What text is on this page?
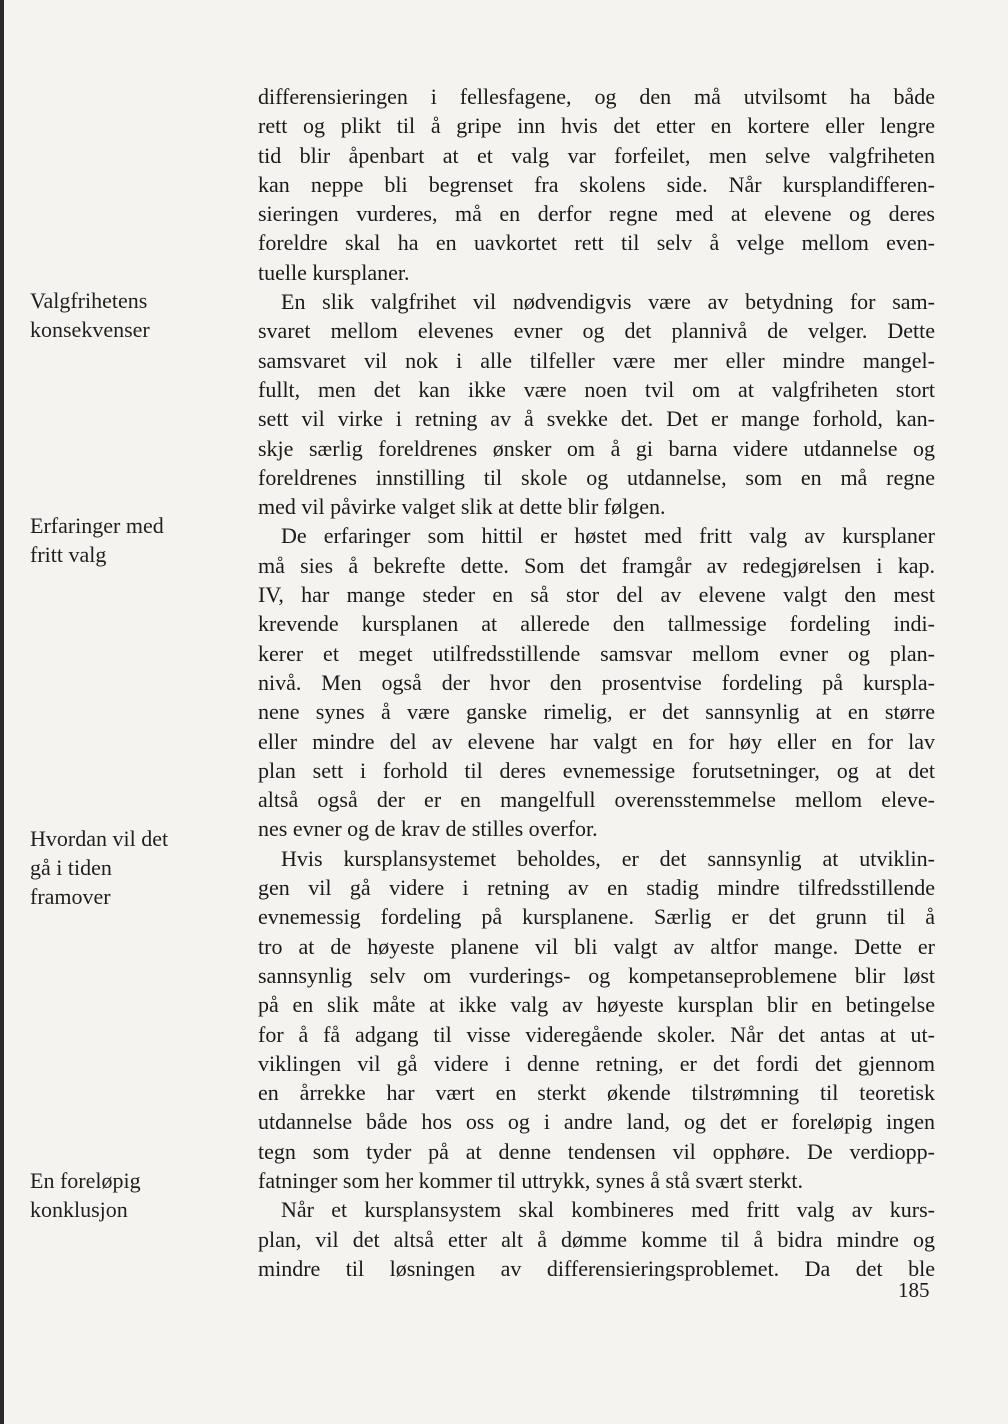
Valgfrihetens
konsekvenser
Erfaringer med
fritt valg
Hvordan vil det
gå i tiden
framover
En foreløpig
konklusjon

differensieringen i fellesfagene, og den må utvilsomt ha både
rett og plikt til å gripe inn hvis det etter en kortere eller lengre
tid blir åpenbart at et valg var forfeilet, men selve valgfriheten
kan neppe bli begrenset fra skolens side. Når kursplandifferen-
sieringen vurderes, må en derfor regne med at elevene og deres
foreldre skal ha en uavkortet rett til selv å velge mellom even-
tuelle kursplaner.

En slik valgfrihet vil nødvendigvis være av betydning for sam-
svaret mellom elevenes evner og det plannivå de velger. Dette
samsvaret vil nok i alle tilfeller være mer eller mindre mangel-
fullt, men det kan ikke være noen tvil om at valgfriheten stort
sett vil virke i retning av å svekke det. Det er mange forhold, kan-
skje særlig foreldrenes ønsker om å gi barna videre utdannelse og
foreldrenes innstilling til skole og utdannelse, som en må regne
med vil påvirke valget slik at dette blir følgen.

De erfaringer som hittil er høstet med fritt valg av kursplaner
må sies å bekrefte dette. Som det framgår av redegjørelsen i kap.
IV, har mange steder en så stor del av elevene valgt den mest
krevende kursplanen at allerede den tallmessige fordeling indi-
kerer et meget utilfredsstillende samsvar mellom evner og plan-
nivå. Men også der hvor den prosentvise fordeling på kurspla-
nene synes å være ganske rimelig, er det sannsynlig at en større
eller mindre del av elevene har valgt en for høy eller en for lav
plan sett i forhold til deres evnemessige forutsetninger, og at det
altså også der er en mangelfull overensstemmelse mellom eleve-
nes evner og de krav de stilles overfor.

Hvis kursplansystemet beholdes, er det sannsynlig at utviklin-
gen vil gå videre i retning av en stadig mindre tilfredsstillende
evnemessig fordeling på kursplanene. Særlig er det grunn til å
tro at de høyeste planene vil bli valgt av altfor mange. Dette er
sannsynlig selv om vurderings- og kompetanseproblemene blir løst
på en slik måte at ikke valg av høyeste kursplan blir en betingelse
for å få adgang til visse videregående skoler. Når det antas at ut-
viklingen vil gå videre i denne retning, er det fordi det gjennom
en årrekke har vært en sterkt økende tilstrømning til teoretisk
utdannelse både hos oss og i andre land, og det er foreløpig ingen
tegn som tyder på at denne tendensen vil opphøre. De verdiopp-
fatninger som her kommer til uttrykk, synes å stå svært sterkt.

Når et kursplansystem skal kombineres med fritt valg av kurs-
plan, vil det altså etter alt å dømme komme til å bidra mindre og
mindre til løsningen av differensieringsproblemet. Da det ble

185
